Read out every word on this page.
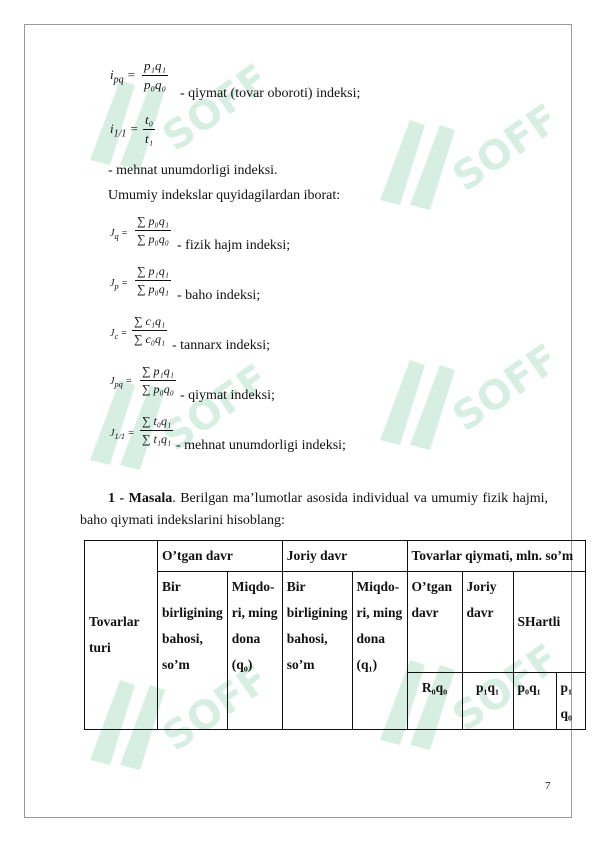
SOFF	SOFF
SOFF	SOFF
SOFF	SOFF
$i_{pq} = \frac{\text{p₁q₁}}{\text{p₀q₀}}$
- qiymat (tovar oboroti) indeksi;
$i_{1/1} = \frac{\text{t₀}}{\text{t₁}}$
- mehnat unumdorligi indeksi.
Umumiy indekslar quyidagilardan iborat:
$J_q = \frac{\text{∑ p₀q₁}}{\text{∑ p₀q₀}}$ - fizik hajm indeksi;
$J_p = \frac{\text{∑ p₁q₁}}{\text{∑ p₀q₁}}$ - baho indeksi;
$J_c = \frac{\text{∑ c₁q₁}}{\text{∑ c₀q₁}}$ - tannarx indeksi;
$J_{pq} = \frac{\text{∑ p₁q₁}}{\text{∑ p₀q₀}}$ - qiymat indeksi;
$J_{1/1} = \frac{\text{∑ t₀q₁}}{\text{∑ t₁q₁}}$ - mehnat unumdorligi indeksi;
1 - Masala. Berilgan ma’lumotlar asosida individual va umumiy fizik hajmi, baho qiymati indekslarini hisoblang:
Tovarlar turi	O’tgan davr		Joriy davr		Tovarlar qiymati, mln. so’m			
	Bir birligining bahosi, so’m	Miqdo-ri, ming dona (q₀)	Bir birligining bahosi, so’m	Miqdo-ri, ming dona (q₁)	O’tgan davr	Joriy davr	SHartli	
					R₀q₀	p₁q₁	p₀q₁	p₁ q₀
7
